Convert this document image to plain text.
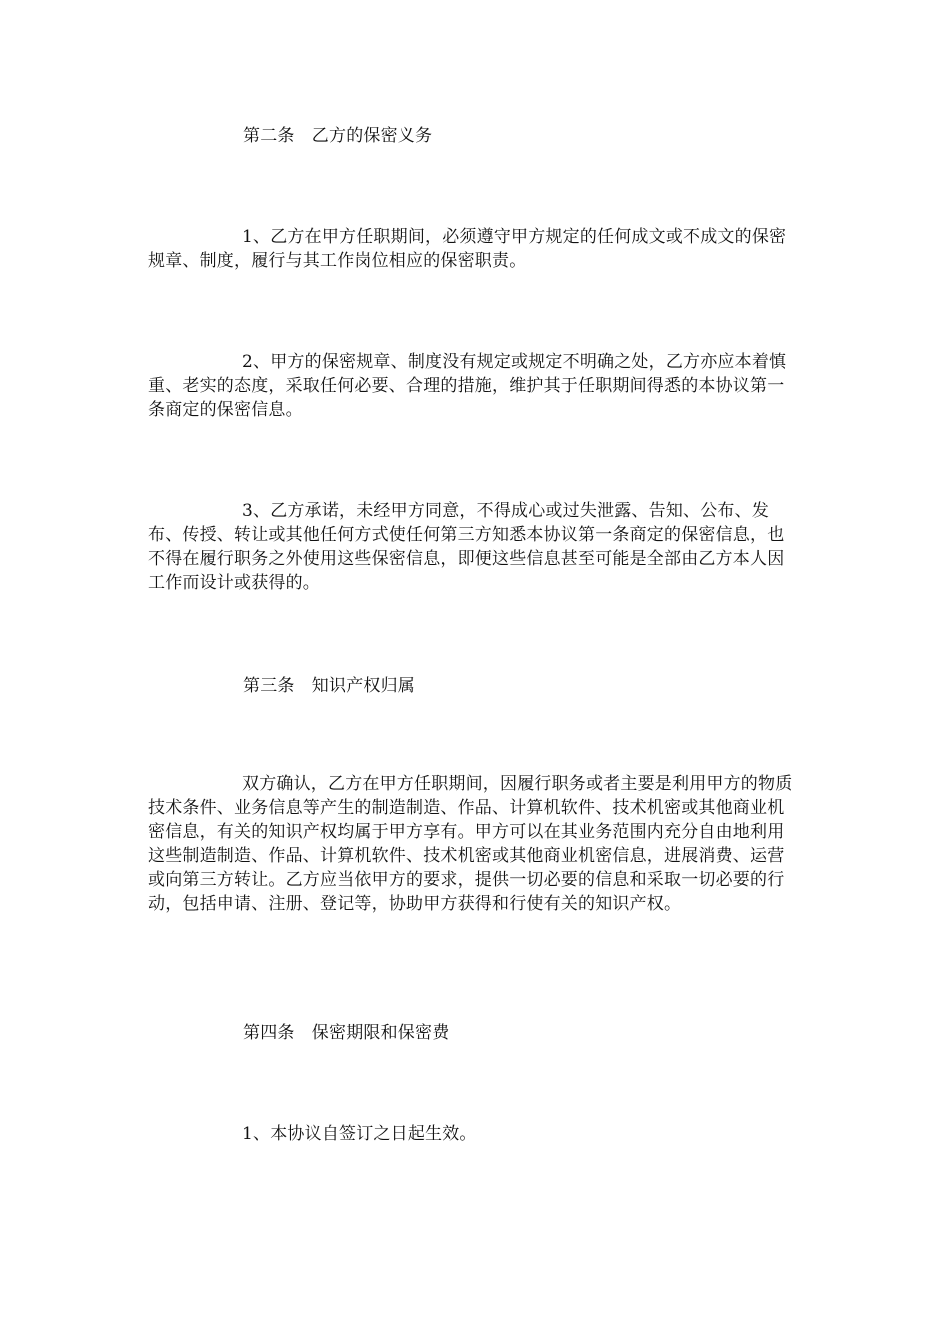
第二条　乙方的保密义务

1、乙方在甲方任职期间，必须遵守甲方规定的任何成文或不成文的保密规章、制度，履行与其工作岗位相应的保密职责。

2、甲方的保密规章、制度没有规定或规定不明确之处，乙方亦应本着慎重、老实的态度，采取任何必要、合理的措施，维护其于任职期间得悉的本协议第一条商定的保密信息。

3、乙方承诺，未经甲方同意，不得成心或过失泄露、告知、公布、发布、传授、转让或其他任何方式使任何第三方知悉本协议第一条商定的保密信息，也不得在履行职务之外使用这些保密信息，即便这些信息甚至可能是全部由乙方本人因工作而设计或获得的。

第三条　知识产权归属

双方确认，乙方在甲方任职期间，因履行职务或者主要是利用甲方的物质技术条件、业务信息等产生的制造制造、作品、计算机软件、技术机密或其他商业机密信息，有关的知识产权均属于甲方享有。甲方可以在其业务范围内充分自由地利用这些制造制造、作品、计算机软件、技术机密或其他商业机密信息，进展消费、运营或向第三方转让。乙方应当依甲方的要求，提供一切必要的信息和采取一切必要的行动，包括申请、注册、登记等，协助甲方获得和行使有关的知识产权。

第四条　保密期限和保密费

1、本协议自签订之日起生效。
